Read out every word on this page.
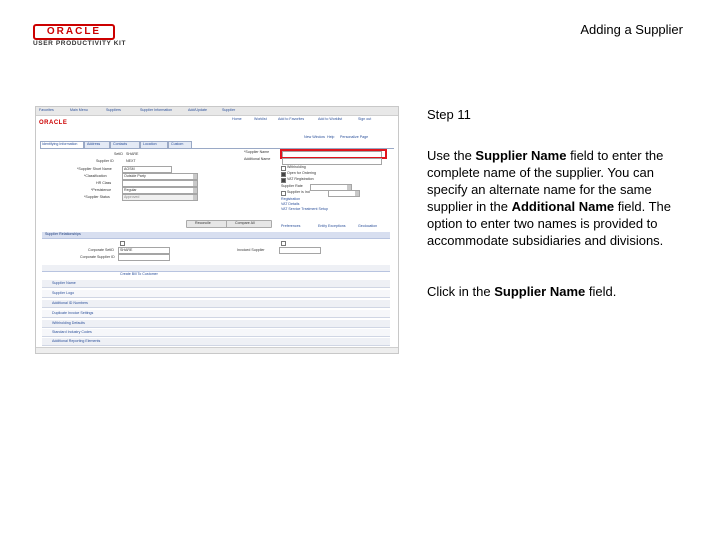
ORACLE
USER PRODUCTIVITY KIT
Adding a Supplier
Favorites	Main Menu	Suppliers	Supplier Information	Add/Update	Supplier
Home	Worklist	Add to Favorites	Add to Worklist	Sign out
ORACLE
New Window Help Personalize Page
Identifying Information	Address	Contacts	Location	Custom
SetID SHARE
Supplier ID	NEXT
*Supplier Short Name	AOSM
*Classification	Outside Party
HR Class
*Persistence	Regular
*Supplier Status	Approved
*Supplier Name
Additional Name
Withholding
Open for Ordering
VAT Registration
Supplier Rate
Supplier is Ind
Registration
VAT Details
VAT Service Treatment Setup
Reconcile	Compare All
Preferences	Entity Exceptions	Geolocation
Supplier Relationships
Corporate SetID SHARE
Corporate Supplier ID
Invoiced Supplier
Create Bill To Customer
Supplier Name
Supplier Logo
Additional ID Numbers
Duplicate Invoice Settings
Withholding Defaults
Standard Industry Codes
Additional Reporting Elements
Step 11
Use the Supplier Name field to enter the complete name of the supplier. You can specify an alternate name for the same supplier in the Additional Name field. The option to enter two names is provided to accommodate subsidiaries and divisions.
Click in the Supplier Name field.
